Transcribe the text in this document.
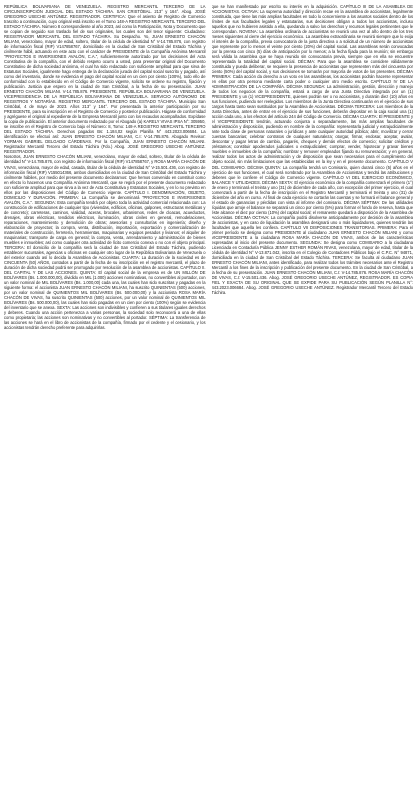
REPÚBLICA BOLIVARIANA DE VENEZUELA. REGISTRO MERCANTIL TERCERO DE LA CIRCUNSCRIPCIÓN JUDICIAL DEL ESTADO TÁCHIRA. SAN CRISTÓBAL. 213° y 164°. Abog. JOSÉ GREGORIO USECHE ANTÚNEZ. REGISTRADOR. CERTIFICA: Que el asiento de Registro de Comercio trascrito a continuación, cuyo original está inscrito en el Tomo 148-A REGISTRO MERCANTIL TERCERO DEL ESTADO TÁCHIRA. Número 8 correspondiente al año 2023, así como la Participación, Nota y Documento que se copian de seguido son traslado fiel de sus originales, los cuales son del tenor siguiente: Ciudadano: REGISTRADOR MERCANTIL DEL ESTADO TÁCHIRA. Su Despacho. Yo, JUAN ERNESTO CHACÓN MILIANI, venezolano, mayor de edad, soltero, titular de la cédula de identidad N° V-14.785.876, con registro de información fiscal (RIF) V147858767, domiciliado en la ciudad de San Cristóbal del Estado Táchira y civilmente hábil, actuando en este acto con el carácter de PRESIDENTE de la Compañía Anónima Mercantil "PROYECTOS E INVERSIONES AVALÓN, C.A.", suficientemente autorizado por los decisiones del Acta Constitutiva de la compañía, con el debido respeto ocurro a usted, para presentar original del Documento Constitutivo de dicha sociedad anónima, el cual ha sido redactado con suficiente amplitud para que sirva de Estatutos Sociales, igualmente hago entrega de la declaración jurada del capital social suscrito y pagado, así como del inventario, donde se evidencia el pago del capital social en un cien por ciento (100%), todo ello de conformidad con lo establecido en el Código de Comercio vigente, solicito se ordene su registro, fijación y publicación. Justicia que espero en la ciudad de San Cristóbal, a la fecha de su presentación. JUAN ERNESTO CHACÓN MILIANI. V-14.785.876. PRESIDENTE. REPÚBLICA BOLIVARIANA DE VENEZUELA. VICEPRESIDENCIA DE LA REPÚBLICA BOLIVARIANA DE VENEZUELA. SERVICIO AUTÓNOMO DE REGISTROS Y NOTARÍAS. REGISTRO MERCANTIL TERCERO DEL ESTADO TÁCHIRA. Municipio San Cristóbal, 4 de mayo de 2023. Años 213° y 164°. Por presentada la anterior participación por su PRESIDENTE, para su inscripción en el Registro de Comercio y posterior publicación. Hágase de conformidad y agréguese el original al expediente de la Empresa Mercantil junto con los recaudos acompañados. Expídase la copia de publicación. El anterior documento redactado por el Abogado (a) KARELY VIVAS IPSA N°: 305950, se inscribe en el Registro de Comercio bajo el Número: 8, Tomo: 148-A REGISTRO MERCANTIL TERCERO DEL ESTADO TÁCHIRA. Derechos pagados Bs: 1.184,02 según Planilla N° 443.2023.006684. La identificación se efectuó así: JUAN ERNESTO CHACÓN MILIANI, C.I: V-14.785.876. Abogado Revisor: YORMAN GABRIEL DELGADO CÁRDENAS. Por la Compañía, JUAN ERNESTO CHACÓN MILIANI. Registrador Mercantil Tercero del Estado Táchira (Fdo.) Abog. JOSÉ GREGORIO USECHE ANTÚNEZ. REGISTRADOR.

Nosotros, JUAN ERNESTO CHACÓN MILIANI, venezolano, mayor de edad, soltero, titular de la cédula de identidad N° V-14.785.876, con registro de información fiscal (RIF) V147858767, y ROSA MARÍA CHACÓN DE VIVAS, venezolana, mayor de edad, casada, titular de la cédula de identidad N° V-15.501.436, con registro de información fiscal (RIF) V155014366, ambos domiciliados en la ciudad de San Cristóbal del Estado Táchira y civilmente hábiles, por medio del presente documento declaramos: Que hemos convenido en constituir como en efecto lo hacemos una Compañía Anónima Mercantil, que se regirá por el presente documento redactado con suficiente amplitud para que sirva a la vez de Acta Constitutiva y Estatutos Sociales, y en lo no previsto en ellos por las disposiciones del Código de Comercio vigente. CAPÍTULO I. DENOMINACIÓN, OBJETO, DOMICILIO Y DURACIÓN. PRIMERA: La Compañía se denominará "PROYECTOS E INVERSIONES AVALÓN, C.A.". SEGUNDA: Esta compañía tendrá por objeto toda la actividad comercial relacionada con: La construcción de edificaciones de cualquier tipo (viviendas, edificios, oficinas, galpones, estructuras metálicas y de concreto); carreteras, caminos, vialidad, aceras, brocales, urbanismos, redes de cloacas, acueductos, drenajes, obras eléctricas, tendidos eléctricos, iluminación, obras civiles en general, remodelaciones, reparaciones, mantenimiento y demolición de obras; asesorías y consultorías en ingeniería; diseño y elaboración de proyectos; la compra, venta, distribución, importación, exportación y comercialización de materiales de construcción, ferretería, herramientas, maquinarias y equipos pesados y livianos; el alquiler de maquinarias; transporte de carga en general; la compra, venta, arrendamiento y administración de bienes muebles e inmuebles; así como cualquier otra actividad de lícito comercio conexa o no con el objeto principal. TERCERA: El domicilio de la compañía será la ciudad de San Cristóbal del Estado Táchira, pudiendo establecer sucursales, agencias u oficinas en cualquier otro lugar de la República Bolivariana de Venezuela o del exterior cuando así lo decida la Asamblea de Accionistas. CUARTA: La duración de la sociedad es de CINCUENTA (50) AÑOS, contados a partir de la fecha de su inscripción en el registro mercantil, el plazo de duración de dicha sociedad podrá ser prorrogado por resolución de la asamblea de accionistas. CAPÍTULO II. DEL CAPITAL Y DE LAS ACCIONES. QUINTA: El capital social de la empresa es de UN MILLÓN DE BOLÍVARES (Bs. 1.000.000,00), dividido en MIL (1.000) acciones nominativas, no convertibles al portador, con un valor nominal de MIL BOLÍVARES (Bs. 1.000,00) cada una, las cuales han sido suscritas y pagadas en la siguiente forma: el accionista JUAN ERNESTO CHACÓN MILIANI, ha suscrito QUINIENTAS (500) acciones, por un valor nominal de QUINIENTOS MIL BOLÍVARES (Bs. 500.000,00) y la accionista ROSA MARÍA CHACÓN DE VIVAS, ha suscrito QUINIENTAS (500) acciones, por un valor nominal de QUINIENTOS MIL BOLÍVARES (Bs. 500.000,00), las cuales han sido pagadas en un cien por ciento (100%) según se evidencia del inventario que se anexa. SEXTA: Las acciones son indivisibles y confieren a sus titulares iguales derechos y deberes. Cuando una acción pertenezca a varias personas, la sociedad solo reconocerá a una de ellas como propietaria; las acciones son nominativas y no convertibles al portador. SÉPTIMA: La transferencia de las acciones se hará en el libro de accionistas de la compañía, firmado por el cedente y el cesionario, y los accionistas tendrán derecho preferente para adquirirlas.

que se han manifestado por escrito su interés en la adquisición. CAPÍTULO III DE LA ASAMBLEA DE ACCIONISTAS. OCTAVA: La suprema autoridad y dirección recae en la asamblea de accionistas, legalmente constituida, que tiene las más amplias facultades en todo lo concerniente a los asuntos sociales dentro de los límites de sus facultades legales y estatutarias, sus decisiones obligan a todos los accionistas, incluso aquellos que no hubieren asistido a ella, quedando a salvo los derechos y recursos legales pertinentes que le correspondan. NOVENA: La asamblea ordinaria de accionistas se reunirá una vez al año dentro de los tres meses siguientes al cierre del ejercicio económico. La asamblea extraordinaria se reunirá siempre que lo exija el interés de la compañía, previa convocatoria de la junta directiva o a solicitud de un número de accionistas que represente por lo menos el veinte por ciento (20%) del capital social. Las asambleas serán convocadas por la prensa con cinco (5) días de anticipación por lo menos; a la fecha fijada para la reunión; sin embargo será válida la asamblea que se haya reunido sin convocatoria previa, siempre que en ella se encuentre representada la totalidad del capital social. DÉCIMA: Para que la asamblea se considere válidamente constituida y pueda deliberar, se requiere la presencia de accionistas que representen más del cincuenta por ciento (50%) del capital social, y sus decisiones se tomarán por mayoría de votos de los presentes. DÉCIMA PRIMERA: Cada acción da derecho a un voto en las asambleas, los accionistas podrán hacerse representar en ellas por otra persona mediante carta poder o cualquier otro medio escrito. CAPÍTULO IV DE LA ADMINISTRACIÓN DE LA COMPAÑÍA. DÉCIMA SEGUNDA: La administración, gestión, dirección y manejo de todos los negocios de la compañía, estará a cargo de una Junta Directiva integrada por un (1) PRESIDENTE y un (1) VICEPRESIDENTE, quienes podrán ser o no accionistas, y durarán diez (10) años en sus funciones, pudiendo ser reelegidos. Los miembros de la Junta Directiva continuarán en el ejercicio de sus cargos hasta tanto sean sustituidos por la Asamblea de Accionistas. DÉCIMA TERCERA: Los miembros de la Junta Directiva, antes de entrar en el ejercicio de sus funciones, deberán depositar en la caja social una (1) acción cada uno, a los efectos del artículo 244 del Código de Comercio. DÉCIMA CUARTA: El PRESIDENTE y el VICEPRESIDENTE tendrán, actuando conjunta o separadamente, las más amplias facultades de administración y disposición, pudiendo en nombre de la compañía: representarla judicial y extrajudicialmente ante toda clase de personas naturales o jurídicas y ante cualquier autoridad pública; abrir, movilizar y cerrar cuentas bancarias; celebrar contratos de cualquier naturaleza; otorgar, firmar, endosar, aceptar, avalar, descontar y pagar letras de cambio, pagarés, cheques y demás efectos de comercio; solicitar créditos y préstamos; constituir apoderados judiciales o extrajudiciales; comprar, vender, hipotecar y gravar bienes muebles e inmuebles de la compañía; nombrar y remover empleados fijando su remuneración; y en general, realizar todos los actos de administración y de disposición que sean necesarios para el cumplimiento del objeto social, sin más limitaciones que las establecidas en la ley y en el presente documento. CAPÍTULO V DEL COMISARIO. DÉCIMA QUINTA: La compañía tendrá un Comisario, quien durará cinco (5) años en el ejercicio de sus funciones, el cual será nombrado por la Asamblea de Accionistas y tendrá las atribuciones y deberes que le confiere el Código de Comercio vigente. CAPÍTULO VI DEL EJERCICIO ECONÓMICO, BALANCE Y UTILIDADES. DÉCIMA SEXTA: El ejercicio económico de la compañía comenzará el primero (1°) de enero y terminará el treinta y uno (31) de diciembre de cada año, con excepción del primer ejercicio, el cual comenzará a partir de la fecha de inscripción en el Registro Mercantil y terminará el treinta y uno (31) de diciembre del año en curso. Al final de cada ejercicio se cortarán las cuentas y se formará el balance general y el estado de ganancias y pérdidas con vista al informe del comisario. DÉCIMA SÉPTIMA: De las utilidades líquidas que arroje el balance se separará un cinco por ciento (5%) para formar el fondo de reserva, hasta que éste alcance el diez por ciento (10%) del capital social; el remanente quedará a disposición de la Asamblea de Accionistas. DÉCIMA OCTAVA: La compañía podrá disolverse anticipadamente por decisión de la asamblea de accionistas, y en caso de liquidación la asamblea designará uno o más liquidadores, quienes tendrán las facultades que aquella les confiera. CAPÍTULO VII DISPOSICIONES TRANSITORIAS. PRIMERA: Para el primer período se designa como PRESIDENTE al ciudadano JUAN ERNESTO CHACÓN MILIANI y como VICEPRESIDENTE a la ciudadana ROSA MARÍA CHACÓN DE VIVAS, ambos de las características expresadas al inicio del presente documento. SEGUNDA: Se designa como COMISARIO a la ciudadana Licenciada en Contaduría Pública JENNY ESTHER ROMÁN RIVAS, venezolana, mayor de edad, titular de la cédula de identidad N° V-13.871.042, inscrita en el Colegio de Contadores Públicos bajo el C.P.C. N° 94871, domiciliada en la ciudad de San Cristóbal del Estado Táchira. TERCERA: Se faculta al ciudadano JUAN ERNESTO CHACÓN MILIANI, antes identificado, para realizar todos los trámites necesarios ante el Registro Mercantil a los fines de la inscripción y publicación del presente documento. En la ciudad de San Cristóbal, a la fecha de su presentación. JUAN ERNESTO CHACÓN MILIANI, C.I: V-14.785.876. ROSA MARÍA CHACÓN DE VIVAS, C.I: V-15.501.436. Abog. JOSÉ GREGORIO USECHE ANTÚNEZ, REGISTRADOR. ES COPIA FIEL Y EXACTA DE SU ORIGINAL QUE SE EXPIDE PARA SU PUBLICACIÓN SEGÚN PLANILLA N°: 443.2023.006684. Abog. JOSÉ GREGORIO USECHE ANTÚNEZ. Registrador Mercantil Tercero del Estado Táchira.
